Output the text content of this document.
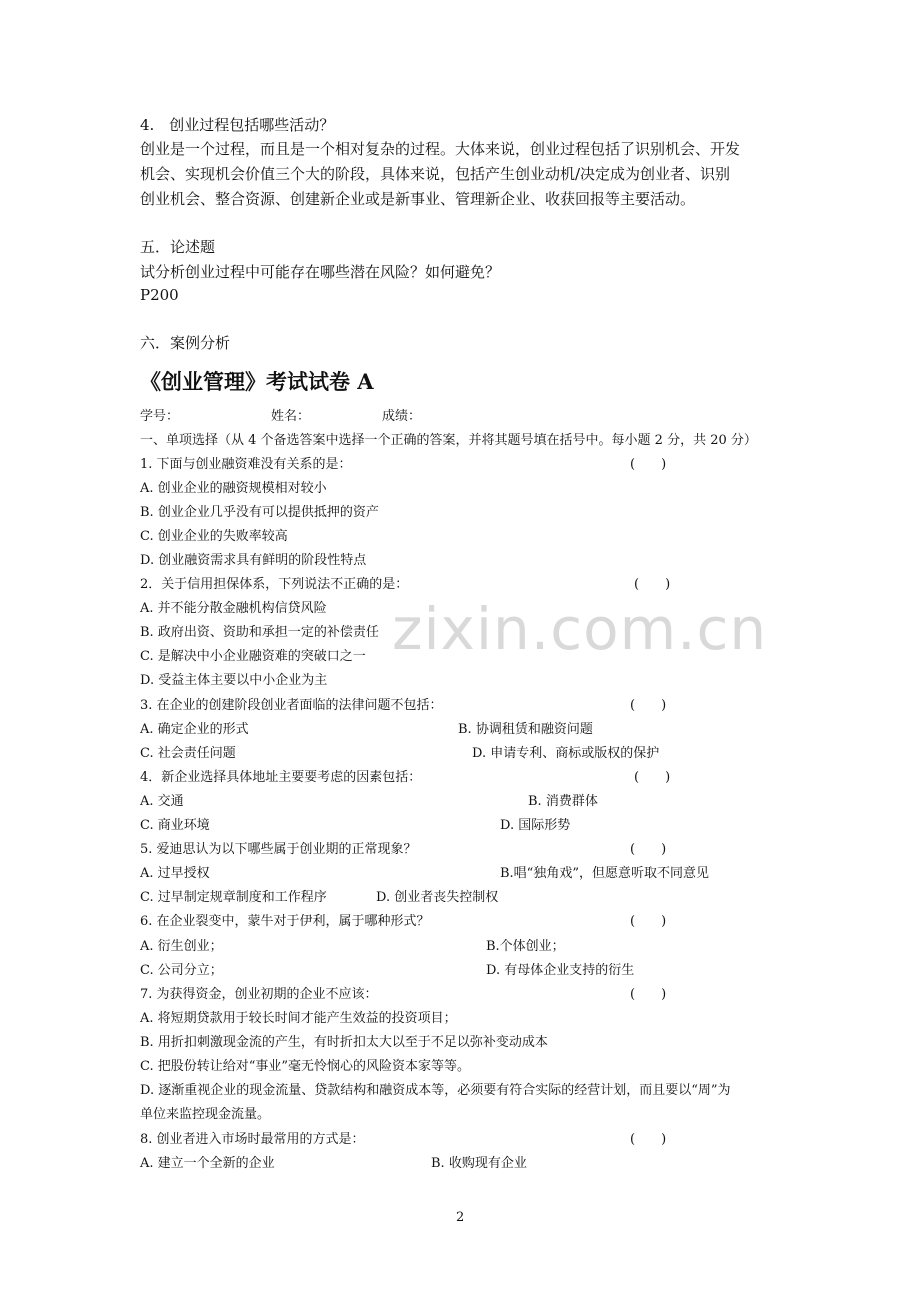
zixin.com.cn
4.　创业过程包括哪些活动？
创业是一个过程，而且是一个相对复杂的过程。大体来说，创业过程包括了识别机会、开发
机会、实现机会价值三个大的阶段，具体来说，包括产生创业动机/决定成为创业者、识别
创业机会、整合资源、创建新企业或是新事业、管理新企业、收获回报等主要活动。
五．论述题
试分析创业过程中可能存在哪些潜在风险？如何避免？
P200
六．案例分析
《创业管理》考试试卷 A
学号：	姓名：	成绩：
一、单项选择（从 4 个备选答案中选择一个正确的答案，并将其题号填在括号中。每小题 2 分，共 20 分）
1. 下面与创业融资难没有关系的是：	(　　)
A. 创业企业的融资规模相对较小
B. 创业企业几乎没有可以提供抵押的资产
C. 创业企业的失败率较高
D. 创业融资需求具有鲜明的阶段性特点
2．关于信用担保体系，下列说法不正确的是：	(　　)
A. 并不能分散金融机构信贷风险
B. 政府出资、资助和承担一定的补偿责任
C. 是解决中小企业融资难的突破口之一
D. 受益主体主要以中小企业为主
3. 在企业的创建阶段创业者面临的法律问题不包括：	(　　)
A. 确定企业的形式	B. 协调租赁和融资问题
C. 社会责任问题	D. 申请专利、商标或版权的保护
4．新企业选择具体地址主要要考虑的因素包括：	(　　)
A. 交通	B. 消费群体
C. 商业环境	D. 国际形势
5. 爱迪思认为以下哪些属于创业期的正常现象？	(　　)
A. 过早授权	B.唱“独角戏”，但愿意听取不同意见
C. 过早制定规章制度和工作程序	D. 创业者丧失控制权
6. 在企业裂变中，蒙牛对于伊利，属于哪种形式？	(　　)
A. 衍生创业；	B.个体创业；
C. 公司分立；	D. 有母体企业支持的衍生
7. 为获得资金，创业初期的企业不应该：	(　　)
A. 将短期贷款用于较长时间才能产生效益的投资项目；
B. 用折扣刺激现金流的产生，有时折扣太大以至于不足以弥补变动成本
C. 把股份转让给对“事业”毫无怜悯心的风险资本家等等。
D. 逐渐重视企业的现金流量、贷款结构和融资成本等，必须要有符合实际的经营计划，而且要以“周”为
单位来监控现金流量。
8. 创业者进入市场时最常用的方式是：	(　　)
A. 建立一个全新的企业	B. 收购现有企业
2
